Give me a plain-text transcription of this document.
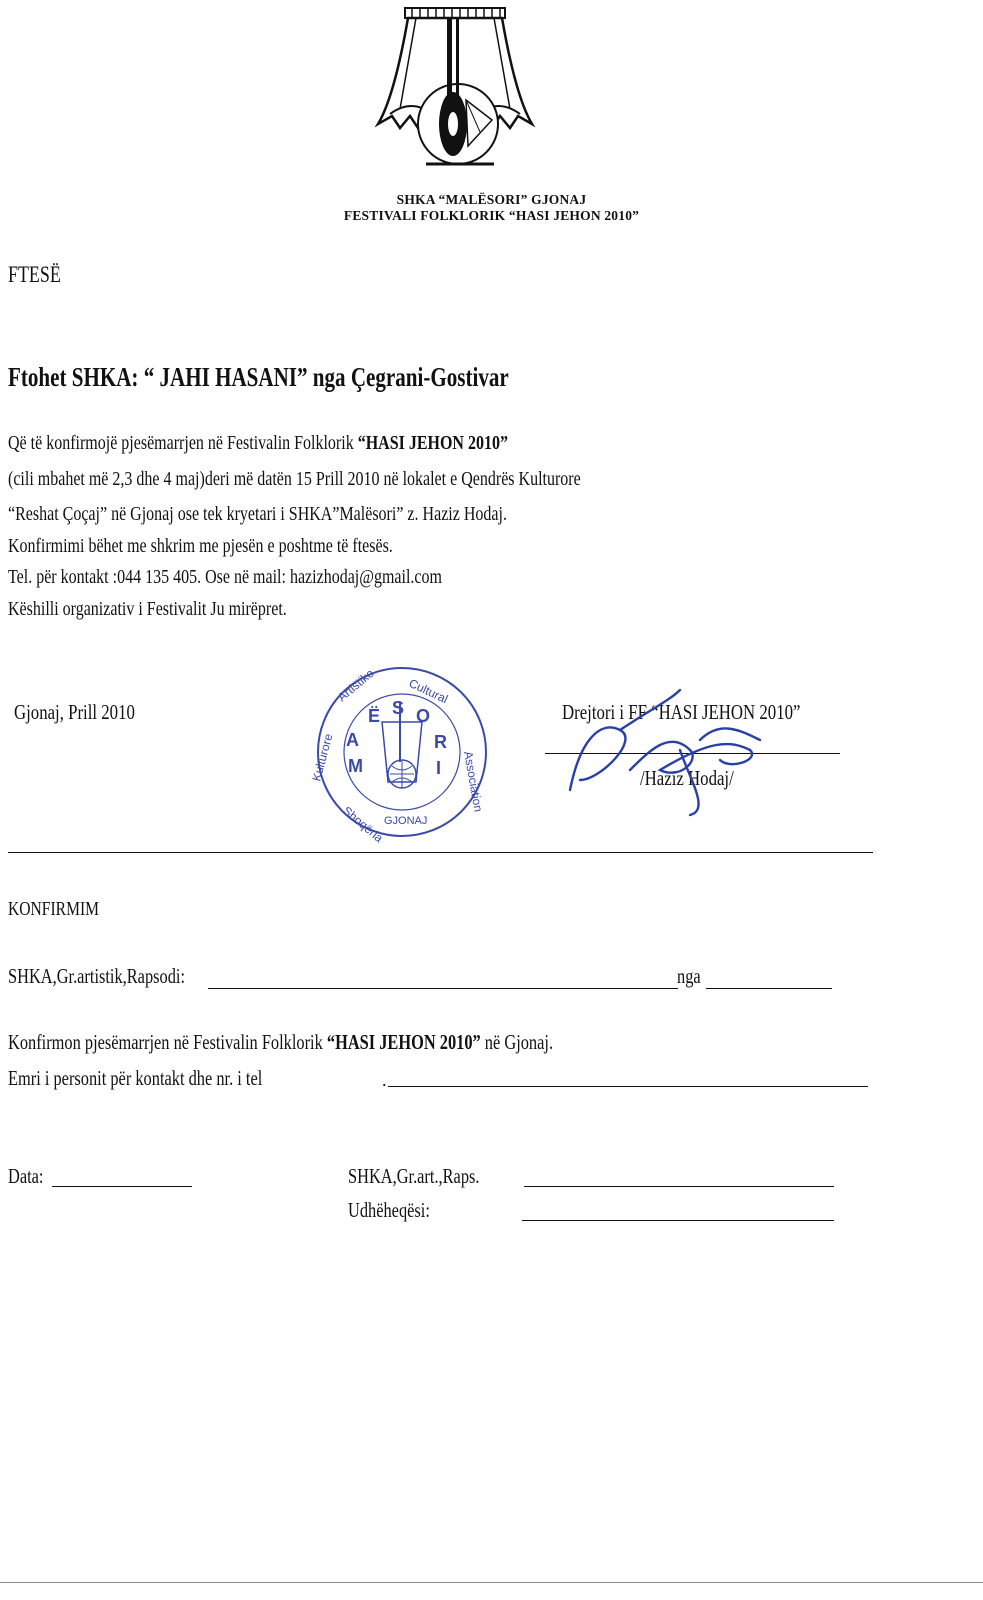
SHKA “MALËSORI” GJONAJ
FESTIVALI FOLKLORIK “HASI JEHON 2010”
FTESË
Ftohet SHKA: “ JAHI HASANI” nga Çegrani-Gostivar
Që të konfirmojë pjesëmarrjen në Festivalin Folklorik “HASI JEHON 2010”
(cili mbahet më 2,3 dhe 4 maj)deri më datën 15 Prill 2010 në lokalet e Qendrës Kulturore
“Reshat Çoçaj” në Gjonaj ose tek kryetari i SHKA”Malësori” z. Haziz Hodaj.
Konfirmimi bëhet me shkrim me pjesën e poshtme të ftesës.
Tel. për kontakt :044 135 405. Ose në mail: hazizhodaj@gmail.com
Këshilli organizativ i Festivalit Ju mirëpret.
Gjonaj, Prill 2010
Artistike	Cultural
Kulturore	Association
Shoqëria
GJONAJ
Ë S O
A	R
M	I
Drejtori i FF “HASI JEHON 2010”
/Haziz Hodaj/
KONFIRMIM
SHKA,Gr.artistik,Rapsodi:	nga
Konfirmon pjesëmarrjen në Festivalin Folklorik “HASI JEHON 2010” në Gjonaj.
Emri i personit për kontakt dhe nr. i tel	.
Data:	SHKA,Gr.art.,Raps.
Udhëheqësi:
